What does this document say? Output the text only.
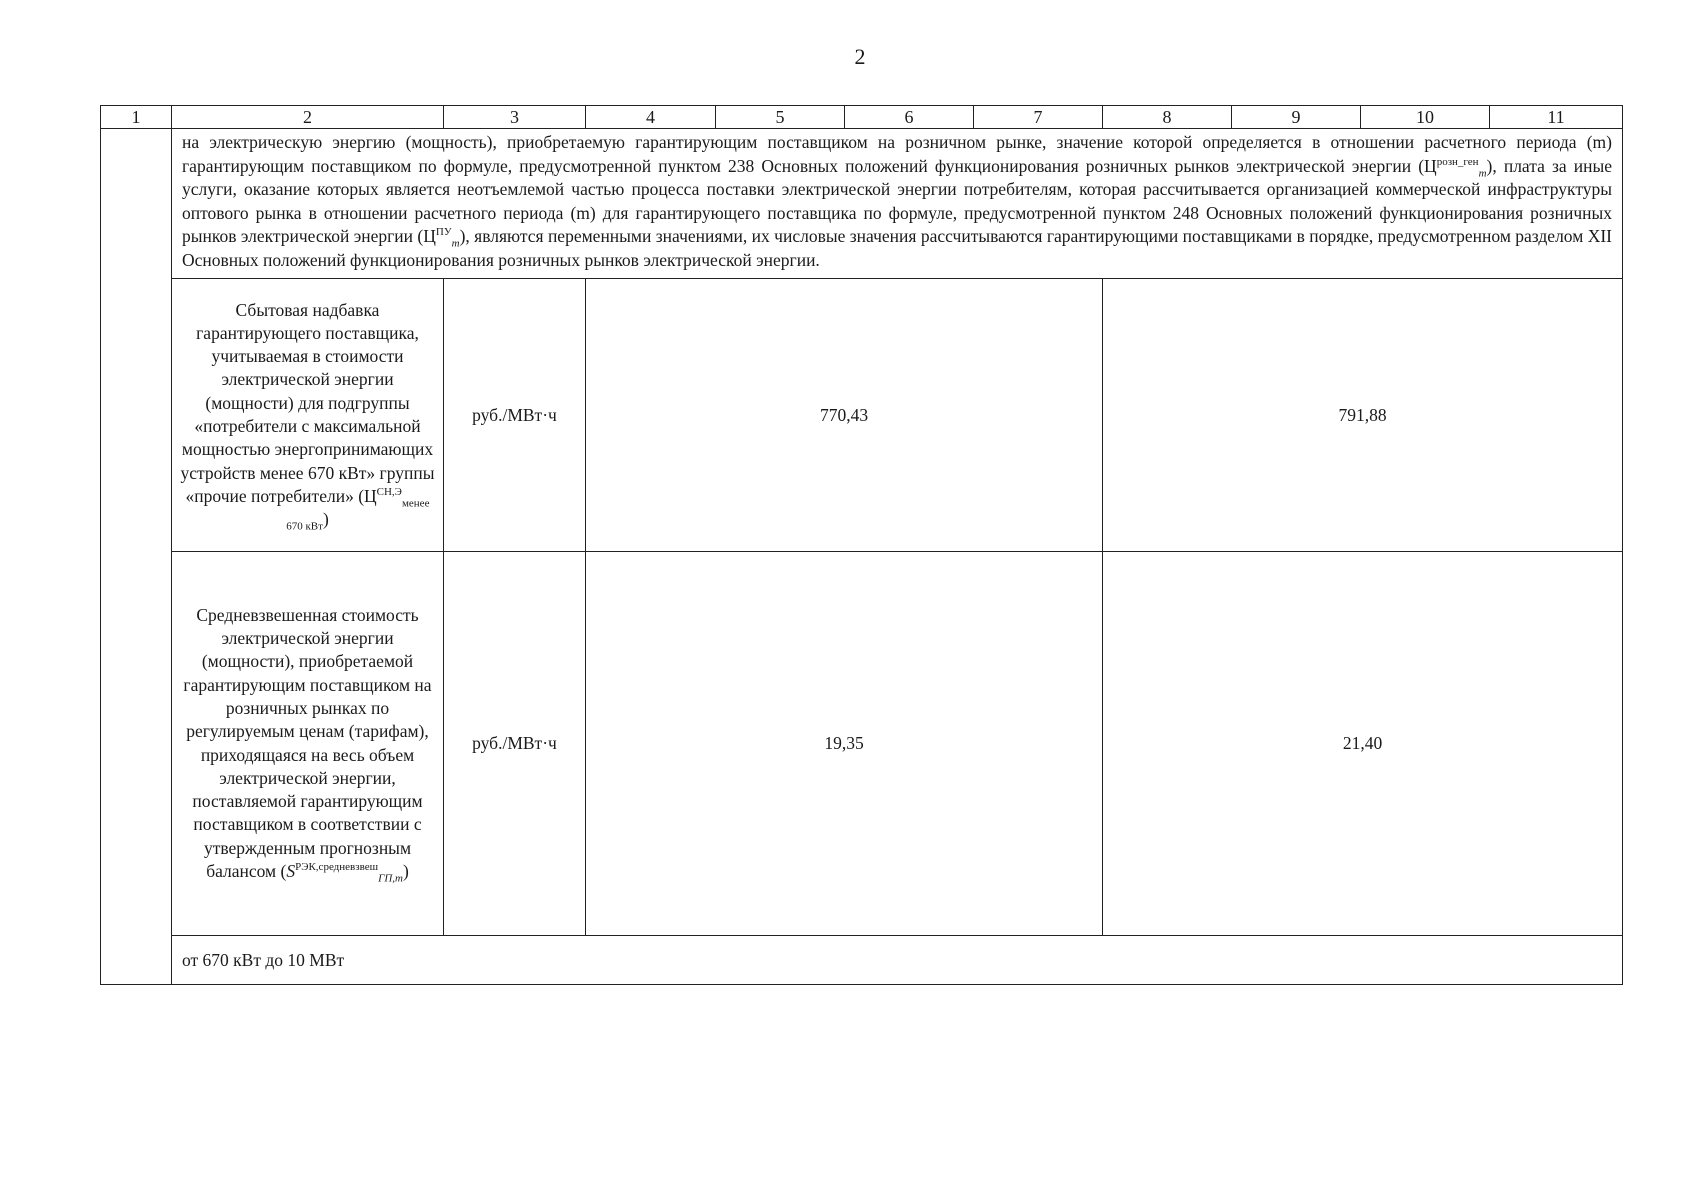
2
1	2	3	4	5	6	7	8	9	10	11
	на электрическую энергию (мощность), приобретаемую гарантирующим поставщиком на розничном рынке, значение которой определяется в отношении расчетного периода (m) гарантирующим поставщиком по формуле, предусмотренной пунктом 238 Основных положений функционирования розничных рынков электрической энергии $(Ц^{розн\_ген}_m)$, плата за иные услуги, оказание которых является неотъемлемой частью процесса поставки электрической энергии потребителям, которая рассчитывается организацией коммерческой инфраструктуры оптового рынка в отношении расчетного периода (m) для гарантирующего поставщика по формуле, предусмотренной пунктом 248 Основных положений функционирования розничных рынков электрической энергии $(Ц^{ПУ}_m)$, являются переменными значениями, их числовые значения рассчитываются гарантирующими поставщиками в порядке, предусмотренном разделом XII Основных положений функционирования розничных рынков электрической энергии.									
	Сбытовая надбавка гарантирующего поставщика, учитываемая в стоимости электрической энергии (мощности) для подгруппы «потребители с максимальной мощностью энергопринимающих устройств менее 670 кВт» группы «прочие потребители» $(Ц^{СН,Э}_{менее 670 кВт})$	руб./МВт·ч	770,43				791,88			
	Средневзвешенная стоимость электрической энергии (мощности), приобретаемой гарантирующим поставщиком на розничных рынках по регулируемым ценам (тарифам), приходящаяся на весь объем электрической энергии, поставляемой гарантирующим поставщиком в соответствии с утвержденным прогнозным балансом $(S^{РЭК,средневзвеш}_{ГП,m})$	руб./МВт·ч	19,35				21,40			
	от 670 кВт до 10 МВт									
